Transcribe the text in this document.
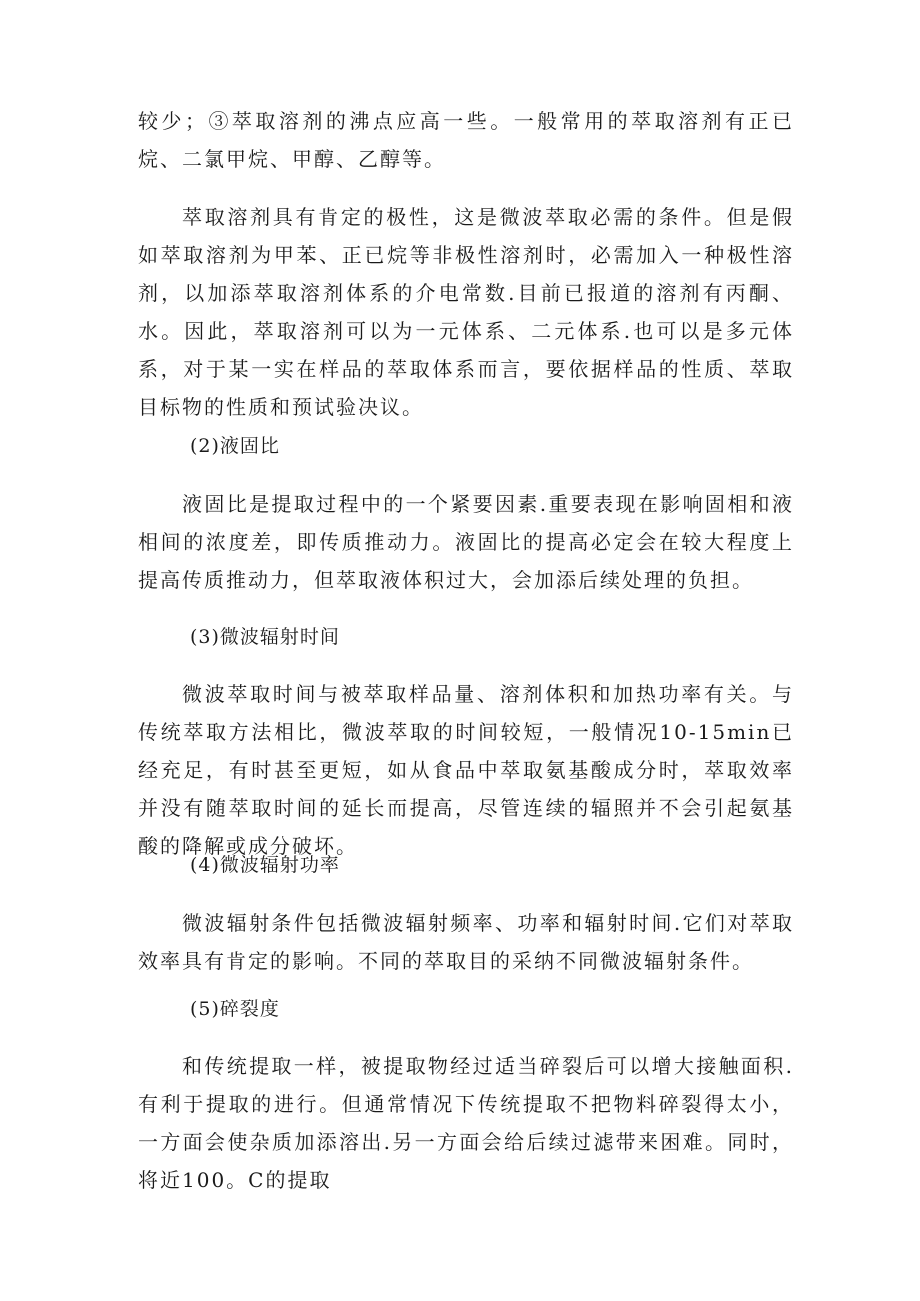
较少；③萃取溶剂的沸点应高一些。一般常用的萃取溶剂有正已烷、二氯甲烷、甲醇、乙醇等。

萃取溶剂具有肯定的极性，这是微波萃取必需的条件。但是假如萃取溶剂为甲苯、正已烷等非极性溶剂时，必需加入一种极性溶剂，以加添萃取溶剂体系的介电常数.目前已报道的溶剂有丙酮、水。因此，萃取溶剂可以为一元体系、二元体系.也可以是多元体系，对于某一实在样品的萃取体系而言，要依据样品的性质、萃取目标物的性质和预试验决议。

(2)液固比

液固比是提取过程中的一个紧要因素.重要表现在影响固相和液相间的浓度差，即传质推动力。液固比的提高必定会在较大程度上提高传质推动力，但萃取液体积过大，会加添后续处理的负担。

(3)微波辐射时间

微波萃取时间与被萃取样品量、溶剂体积和加热功率有关。与传统萃取方法相比，微波萃取的时间较短，一般情况10-15min已经充足，有时甚至更短，如从食品中萃取氨基酸成分时，萃取效率并没有随萃取时间的延长而提高，尽管连续的辐照并不会引起氨基酸的降解或成分破坏。

(4)微波辐射功率

微波辐射条件包括微波辐射频率、功率和辐射时间.它们对萃取效率具有肯定的影响。不同的萃取目的采纳不同微波辐射条件。

(5)碎裂度

和传统提取一样，被提取物经过适当碎裂后可以增大接触面积.有利于提取的进行。但通常情况下传统提取不把物料碎裂得太小，一方面会使杂质加添溶出.另一方面会给后续过滤带来困难。同时，将近100。C的提取
